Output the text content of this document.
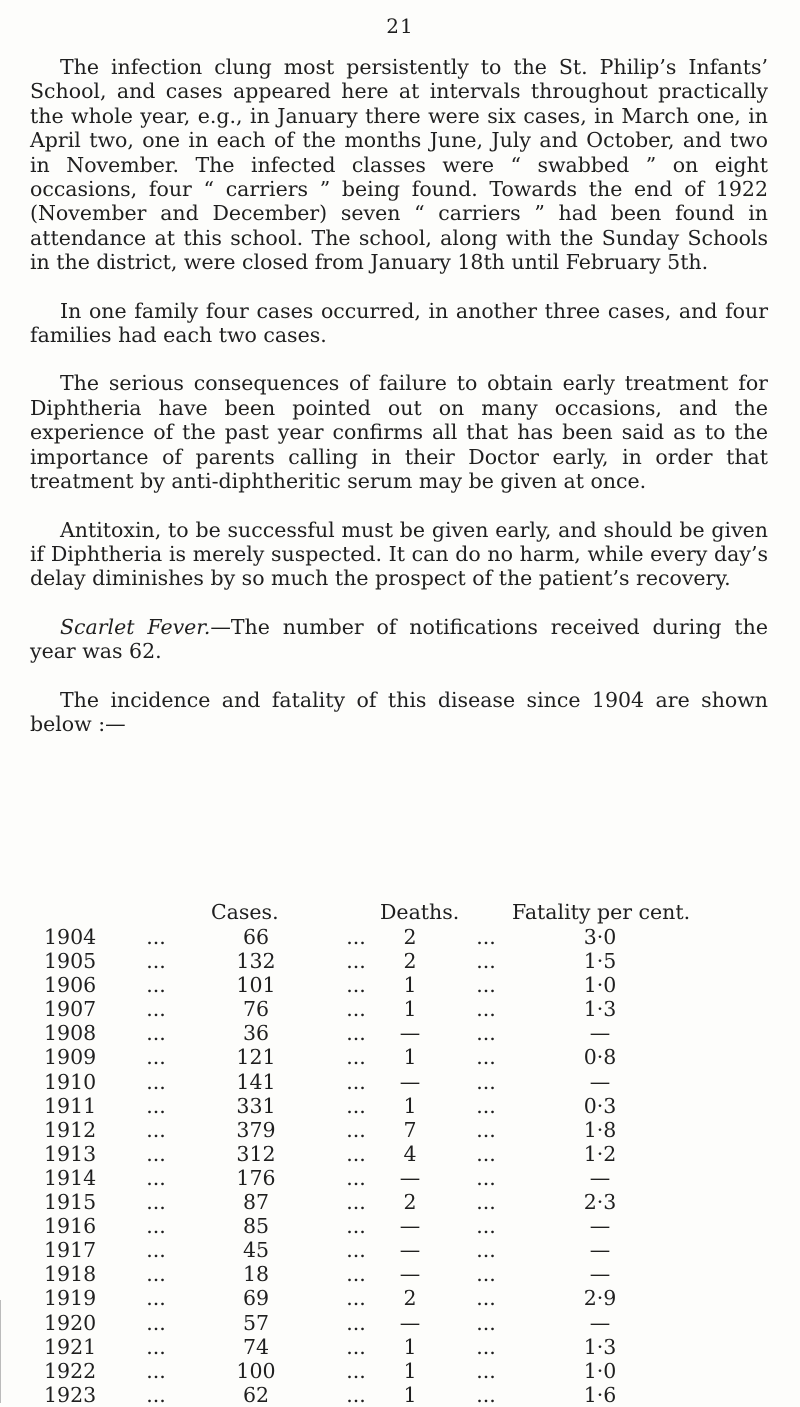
21

The infection clung most persistently to the St. Philip’s Infants’ School, and cases appeared here at intervals throughout practically the whole year, e.g., in January there were six cases, in March one, in April two, one in each of the months June, July and October, and two in November. The infected classes were “ swabbed ” on eight occasions, four “ carriers ” being found. Towards the end of 1922 (November and December) seven “ carriers ” had been found in attendance at this school. The school, along with the Sunday Schools in the district, were closed from January 18th until February 5th.

In one family four cases occurred, in another three cases, and four families had each two cases.

The serious consequences of failure to obtain early treatment for Diphtheria have been pointed out on many occasions, and the experience of the past year confirms all that has been said as to the importance of parents calling in their Doctor early, in order that treatment by anti-diphtheritic serum may be given at once.

Antitoxin, to be successful must be given early, and should be given if Diphtheria is merely suspected. It can do no harm, while every day’s delay diminishes by so much the prospect of the patient’s recovery.

Scarlet Fever.—The number of notifications received during the year was 62.

The incidence and fatality of this disease since 1904 are shown below :—

Cases.	Deaths.	Fatality per cent.
1904	...	66	...	2	...	3·0
1905	...	132	...	2	...	1·5
1906	...	101	...	1	...	1·0
1907	...	76	...	1	...	1·3
1908	...	36	...	—	...	—
1909	...	121	...	1	...	0·8
1910	...	141	...	—	...	—
1911	...	331	...	1	...	0·3
1912	...	379	...	7	...	1·8
1913	...	312	...	4	...	1·2
1914	...	176	...	—	...	—
1915	...	87	...	2	...	2·3
1916	...	85	...	—	...	—
1917	...	45	...	—	...	—
1918	...	18	...	—	...	—
1919	...	69	...	2	...	2·9
1920	...	57	...	—	...	—
1921	...	74	...	1	...	1·3
1922	...	100	...	1	...	1·0
1923	...	62	...	1	...	1·6
